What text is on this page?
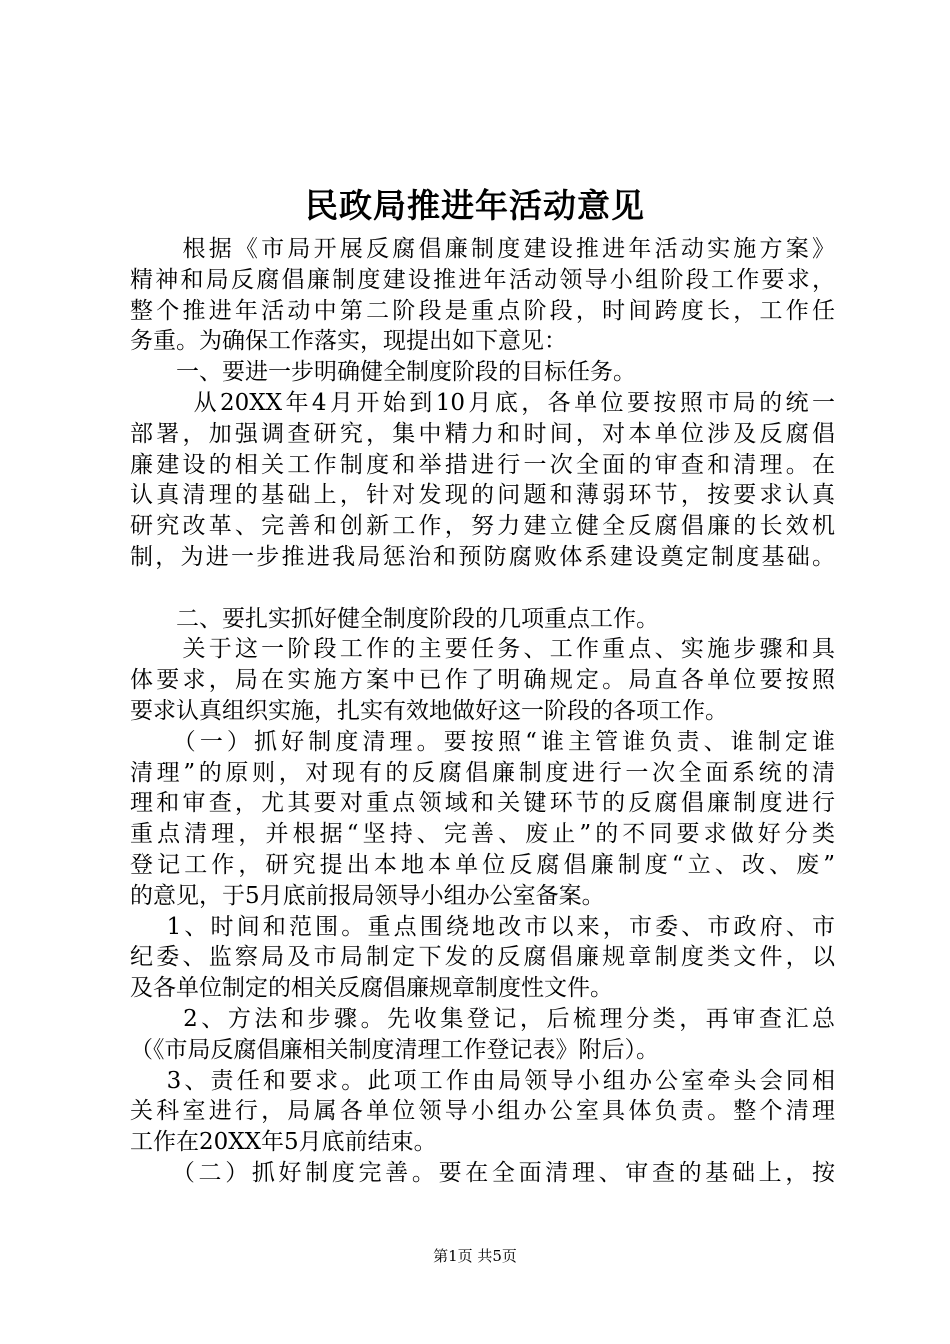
民政局推进年活动意见
　　根据《市局开展反腐倡廉制度建设推进年活动实施方案》
精神和局反腐倡廉制度建设推进年活动领导小组阶段工作要求，
整个推进年活动中第二阶段是重点阶段，时间跨度长，工作任
务重。为确保工作落实，现提出如下意见：
　　一、要进一步明确健全制度阶段的目标任务。
　　 从20XX年4月开始到10月底，各单位要按照市局的统一
部署，加强调查研究，集中精力和时间，对本单位涉及反腐倡
廉建设的相关工作制度和举措进行一次全面的审查和清理。在
认真清理的基础上，针对发现的问题和薄弱环节，按要求认真
研究改革、完善和创新工作，努力建立健全反腐倡廉的长效机
制，为进一步推进我局惩治和预防腐败体系建设奠定制度基础。
　　二、要扎实抓好健全制度阶段的几项重点工作。
　　关于这一阶段工作的主要任务、工作重点、实施步骤和具
体要求，局在实施方案中已作了明确规定。局直各单位要按照
要求认真组织实施，扎实有效地做好这一阶段的各项工作。
　　（一）抓好制度清理。要按照“谁主管谁负责、谁制定谁
清理”的原则，对现有的反腐倡廉制度进行一次全面系统的清
理和审查，尤其要对重点领域和关键环节的反腐倡廉制度进行
重点清理，并根据“坚持、完善、废止”的不同要求做好分类
登记工作，研究提出本地本单位反腐倡廉制度“立、改、废”
的意见，于5月底前报局领导小组办公室备案。
　 1、时间和范围。重点围绕地改市以来，市委、市政府、市
纪委、监察局及市局制定下发的反腐倡廉规章制度类文件，以
及各单位制定的相关反腐倡廉规章制度性文件。
　　2、方法和步骤。先收集登记，后梳理分类，再审查汇总
（《市局反腐倡廉相关制度清理工作登记表》附后）。
　 3、责任和要求。此项工作由局领导小组办公室牵头会同相
关科室进行，局属各单位领导小组办公室具体负责。整个清理
工作在20XX年5月底前结束。
　　（二）抓好制度完善。要在全面清理、审查的基础上，按
第1页 共5页
